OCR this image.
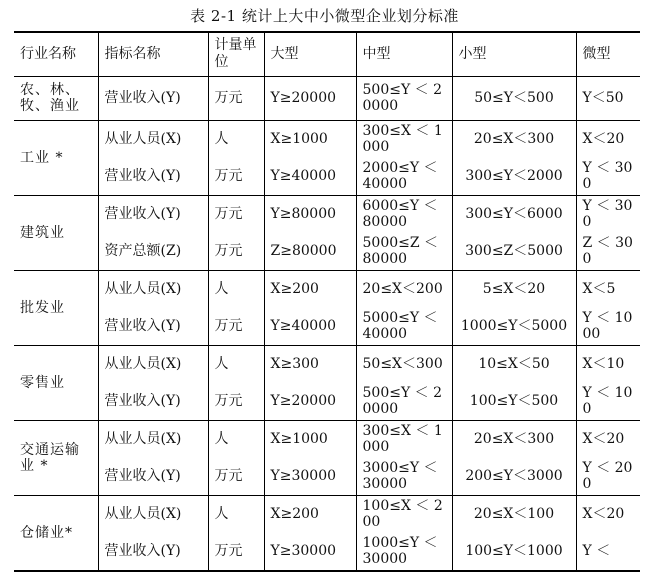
表 2-1 统计上大中小微型企业划分标准
行业名称	指标名称	计量单位	大型	中型	小型	微型
农、林、牧、渔业	营业收入(Y)	万元	Y≥20000	500≤Y ＜ 20000	50≤Y＜500	Y＜50
工业 *	从业人员(X)	人	X≥1000	300≤X ＜ 1000	20≤X＜300	X＜20
	营业收入(Y)	万元	Y≥40000	2000≤Y ＜ 40000	300≤Y＜2000	Y ＜ 300
建筑业	营业收入(Y)	万元	Y≥80000	6000≤Y ＜ 80000	300≤Y＜6000	Y ＜ 300
	资产总额(Z)	万元	Z≥80000	5000≤Z ＜ 80000	300≤Z＜5000	Z ＜ 300
批发业	从业人员(X)	人	X≥200	20≤X＜200	5≤X＜20	X＜5
	营业收入(Y)	万元	Y≥40000	5000≤Y ＜ 40000	1000≤Y＜5000	Y ＜ 1000
零售业	从业人员(X)	人	X≥300	50≤X＜300	10≤X＜50	X＜10
	营业收入(Y)	万元	Y≥20000	500≤Y ＜ 20000	100≤Y＜500	Y ＜ 100
交通运输业 *	从业人员(X)	人	X≥1000	300≤X ＜ 1000	20≤X＜300	X＜20
	营业收入(Y)	万元	Y≥30000	3000≤Y ＜ 30000	200≤Y＜3000	Y ＜ 200
仓储业*	从业人员(X)	人	X≥200	100≤X ＜ 200	20≤X＜100	X＜20
	营业收入(Y)	万元	Y≥30000	1000≤Y ＜ 30000	100≤Y＜1000	Y ＜
